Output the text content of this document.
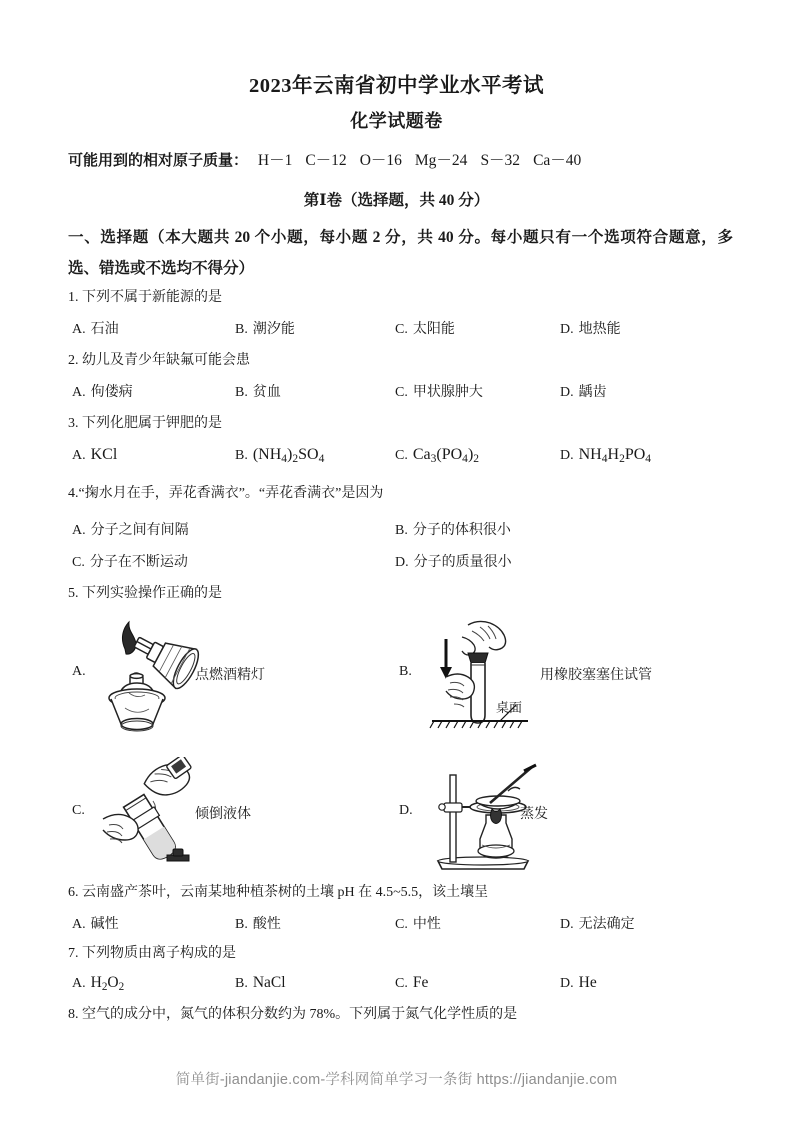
2023年云南省初中学业水平考试
化学试题卷
可能用到的相对原子质量： H－1 C－12 O－16 Mg－24 S－32 Ca－40
第Ⅰ卷（选择题，共 40 分）
一、选择题（本大题共 20 个小题，每小题 2 分，共 40 分。每小题只有一个选项符合题意，多选、错选或不选均不得分）
1. 下列不属于新能源的是
A. 石油	B. 潮汐能	C. 太阳能	D. 地热能
2. 幼儿及青少年缺氟可能会患
A. 佝偻病	B. 贫血	C. 甲状腺肿大	D. 龋齿
3. 下列化肥属于钾肥的是
A. KCl	B. $(NH_4)_2SO_4$	C. $Ca_3(PO_4)_2$	D. $NH_4H_2PO_4$
4.“掬水月在手，弄花香满衣”。“弄花香满衣”是因为
A. 分子之间有间隔	B. 分子的体积很小
C. 分子在不断运动	D. 分子的质量很小
5. 下列实验操作正确的是
A.	点燃酒精灯	B.
桌面
用橡胶塞塞住试管
C.	倾倒液体	D.	蒸发
6. 云南盛产茶叶，云南某地种植茶树的土壤 pH 在 4.5~5.5，该土壤呈
A. 碱性	B. 酸性	C. 中性	D. 无法确定
7. 下列物质由离子构成的是
A. $H_2O_2$	B. NaCl	C. Fe	D. He
8. 空气的成分中，氮气的体积分数约为 78%。下列属于氮气化学性质的是
简单街-jiandanjie.com-学科网简单学习一条街 https://jiandanjie.com
